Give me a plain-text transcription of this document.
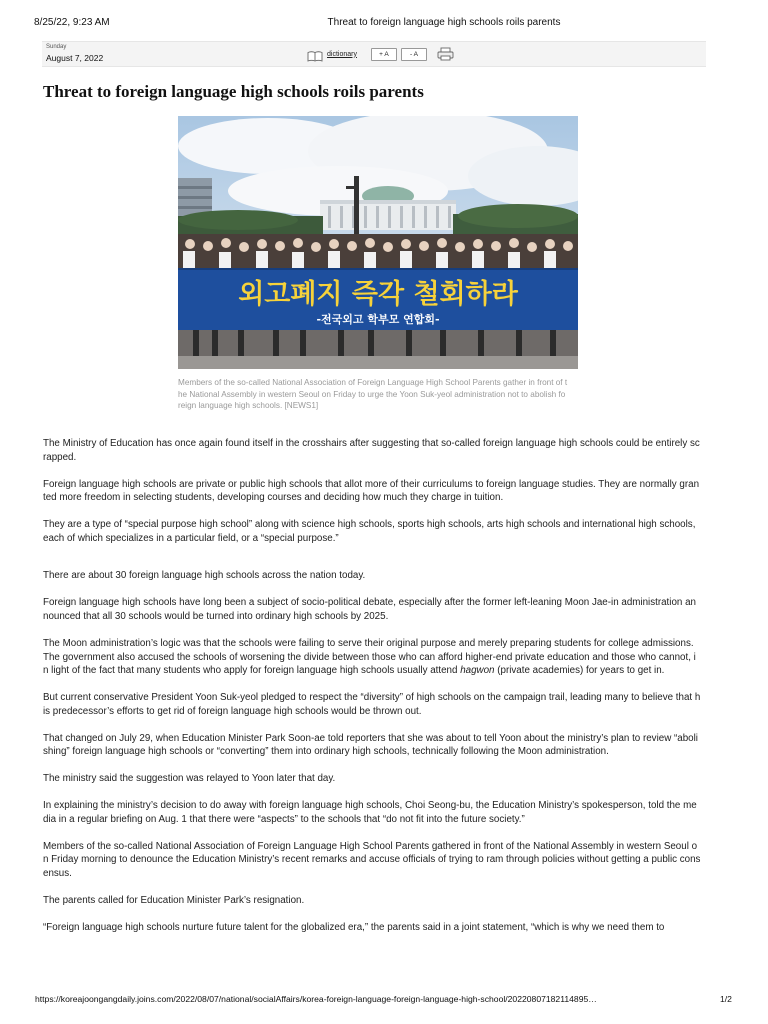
8/25/22, 9:23 AM	Threat to foreign language high schools roils parents
Sunday
August 7, 2022	dictionary	+ A	- A
Threat to foreign language high schools roils parents
외고폐지 즉각 철회하라
-전국외고 학부모 연합회-
Members of the so-called National Association of Foreign Language High School Parents gather in front of the National Assembly in western Seoul on Friday to urge the Yoon Suk-yeol administration not to abolish foreign language high schools. [NEWS1]

The Ministry of Education has once again found itself in the crosshairs after suggesting that so-called foreign language high schools could be entirely scrapped.

Foreign language high schools are private or public high schools that allot more of their curriculums to foreign language studies. They are normally granted more freedom in selecting students, developing courses and deciding how much they charge in tuition.

They are a type of “special purpose high school” along with science high schools, sports high schools, arts high schools and international high schools, each of which specializes in a particular field, or a “special purpose.”

There are about 30 foreign language high schools across the nation today.

Foreign language high schools have long been a subject of socio-political debate, especially after the former left-leaning Moon Jae-in administration announced that all 30 schools would be turned into ordinary high schools by 2025.

The Moon administration’s logic was that the schools were failing to serve their original purpose and merely preparing students for college admissions. The government also accused the schools of worsening the divide between those who can afford higher-end private education and those who cannot, in light of the fact that many students who apply for foreign language high schools usually attend hagwon (private academies) for years to get in.

But current conservative President Yoon Suk-yeol pledged to respect the “diversity” of high schools on the campaign trail, leading many to believe that his predecessor’s efforts to get rid of foreign language high schools would be thrown out.

That changed on July 29, when Education Minister Park Soon-ae told reporters that she was about to tell Yoon about the ministry’s plan to review “abolishing” foreign language high schools or “converting” them into ordinary high schools, technically following the Moon administration.

The ministry said the suggestion was relayed to Yoon later that day.

In explaining the ministry’s decision to do away with foreign language high schools, Choi Seong-bu, the Education Ministry’s spokesperson, told the media in a regular briefing on Aug. 1 that there were “aspects” to the schools that “do not fit into the future society.”

Members of the so-called National Association of Foreign Language High School Parents gathered in front of the National Assembly in western Seoul on Friday morning to denounce the Education Ministry’s recent remarks and accuse officials of trying to ram through policies without getting a public consensus.

The parents called for Education Minister Park’s resignation.

“Foreign language high schools nurture future talent for the globalized era,” the parents said in a joint statement, “which is why we need them to

https://koreajoongangdaily.joins.com/2022/08/07/national/socialAffairs/korea-foreign-language-foreign-language-high-school/20220807182114895…	1/2
